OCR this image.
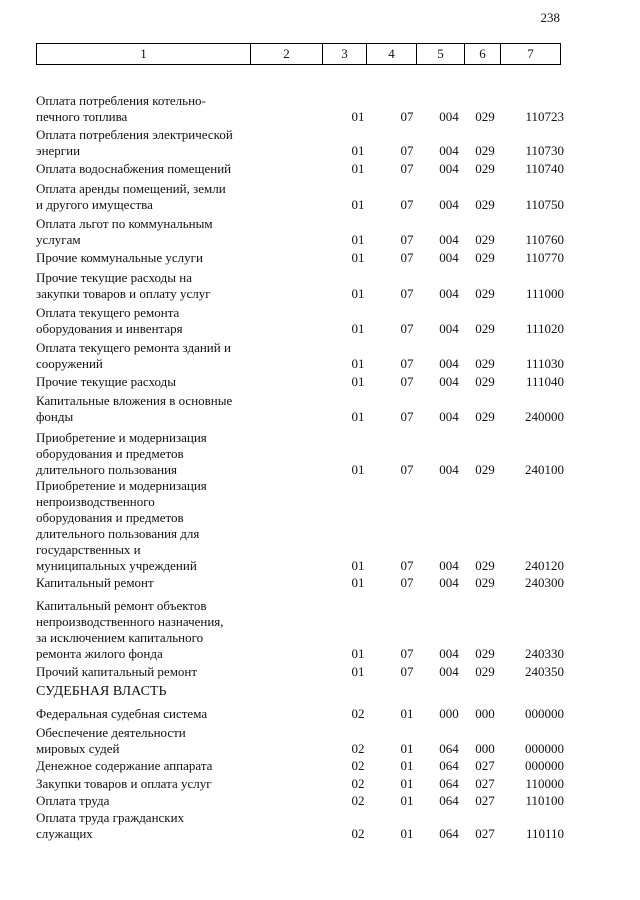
238
1	2	3	4	5	6	7
Оплата потребления котельно-
печного топлива	01	07	004	029	110723
Оплата потребления электрической
энергии	01	07	004	029	110730
Оплата водоснабжения помещений	01	07	004	029	110740
Оплата аренды помещений, земли
и другого имущества	01	07	004	029	110750
Оплата льгот по коммунальным
услугам	01	07	004	029	110760
Прочие коммунальные услуги	01	07	004	029	110770
Прочие текущие расходы на
закупки товаров и оплату услуг	01	07	004	029	111000
Оплата текущего ремонта
оборудования и инвентаря	01	07	004	029	111020
Оплата текущего ремонта зданий и
сооружений	01	07	004	029	111030
Прочие текущие расходы	01	07	004	029	111040
Капитальные вложения в основные
фонды	01	07	004	029	240000
Приобретение и модернизация
оборудования и предметов
длительного пользования	01	07	004	029	240100
Приобретение и модернизация
непроизводственного
оборудования и предметов
длительного пользования для
государственных и
муниципальных учреждений	01	07	004	029	240120
Капитальный ремонт	01	07	004	029	240300
Капитальный ремонт объектов
непроизводственного назначения,
за исключением капитального
ремонта жилого фонда	01	07	004	029	240330
Прочий капитальный ремонт	01	07	004	029	240350
СУДЕБНАЯ ВЛАСТЬ
Федеральная судебная система	02	01	000	000	000000
Обеспечение деятельности
мировых судей	02	01	064	000	000000
Денежное содержание аппарата	02	01	064	027	000000
Закупки товаров и оплата услуг	02	01	064	027	110000
Оплата труда	02	01	064	027	110100
Оплата труда гражданских
служащих	02	01	064	027	110110
